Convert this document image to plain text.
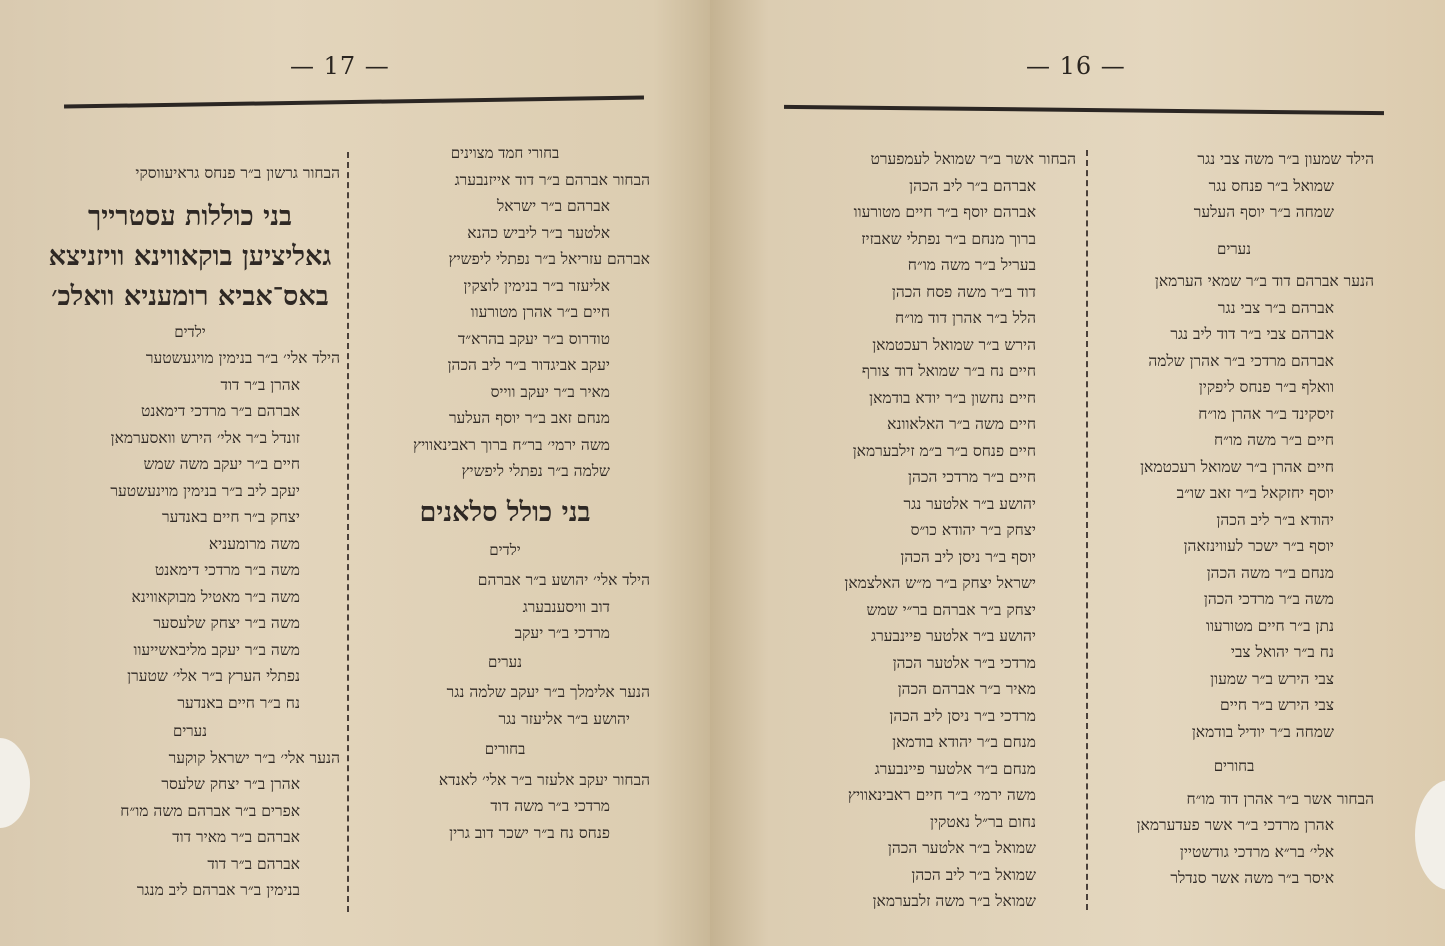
— 17 —
בחורי חמד מצוינים
הבחור אברהם ב״ר דוד אייזנבערג
אברהם ב״ר ישראל
אלטער ב״ר ליביש כהנא
אברהם עזריאל ב״ר נפתלי ליפשיץ
אליעזר ב״ר בנימין לוצקין
חיים ב״ר אהרן מטורעוו
טודרוס ב״ר יעקב בהרא״ד
יעקב אביגדור ב״ר ליב הכהן
מאיר ב״ר יעקב ווייס
מנחם זאב ב״ר יוסף העלער
משה ירמי׳ בר״ח ברוך ראבינאוויץ
שלמה ב״ר נפתלי ליפשיץ
בני כולל סלאנים
ילדים
הילד אלי׳ יהושע ב״ר אברהם
דוב וויסענבערג
מרדכי ב״ר יעקב
נערים
הנער אלימלך ב״ר יעקב שלמה נגר
יהושע ב״ר אליעזר נגר
בחורים
הבחור יעקב אלעזר ב״ר אלי׳ לאנדא
מרדכי ב״ר משה דוד
פנחס נח ב״ר ישכר דוב גרין
הבחור גרשון ב״ר פנחס גראיעווסקי
בני כוללות עסטרייך
גאליציען בוקאווינא וויזניצא
באס־אביא רומעניא וואלכ׳
ילדים
הילד אלי׳ ב״ר בנימין מויגעשטער
אהרן ב״ר דוד
אברהם ב״ר מרדכי דימאנט
זונדל ב״ר אלי׳ הירש וואסערמאן
חיים ב״ר יעקב משה שמש
יעקב ליב ב״ר בנימין מוינעשטער
יצחק ב״ר חיים באנדער
משה מרומעניא
משה ב״ר מרדכי דימאנט
משה ב״ר מאטיל מבוקאווינא
משה ב״ר יצחק שלעסער
משה ב״ר יעקב מליבאשייעוו
נפתלי הערץ ב״ר אלי׳ שטערן
נח ב״ר חיים באנדער
נערים
הנער אלי׳ ב״ר ישראל קוקער
אהרן ב״ר יצחק שלעסר
אפרים ב״ר אברהם משה מו״ח
אברהם ב״ר מאיר דוד
אברהם ב״ר דוד
בנימין ב״ר אברהם ליב מנגר
— 16 —
הילד שמעון ב״ר משה צבי נגר
שמואל ב״ר פנחס נגר
שמחה ב״ר יוסף העלער
נערים
הנער אברהם דוד ב״ר שמאי הערמאן
אברהם ב״ר צבי נגר
אברהם צבי ב״ר דוד ליב נגר
אברהם מרדכי ב״ר אהרן שלמה
וואלף ב״ר פנחס ליפקין
זיסקינד ב״ר אהרן מו״ח
חיים ב״ר משה מו״ח
חיים אהרן ב״ר שמואל רעכטמאן
יוסף יחזקאל ב״ר זאב שו״ב
יהודא ב״ר ליב הכהן
יוסף ב״ר ישכר לעווינזאהן
מנחם ב״ר משה הכהן
משה ב״ר מרדכי הכהן
נתן ב״ר חיים מטורעוו
נח ב״ר יהואל צבי
צבי הירש ב״ר שמעון
צבי הירש ב״ר חיים
שמחה ב״ר יודיל בודמאן
בחורים
הבחור אשר ב״ר אהרן דוד מו״ח
אהרן מרדכי ב״ר אשר פעדערמאן
אלי׳ בר״א מרדכי גודשטיין
איסר ב״ר משה אשר סנדלר
הבחור אשר ב״ר שמואל לעמפערט
אברהם ב״ר ליב הכהן
אברהם יוסף ב״ר חיים מטורעוו
ברוך מנחם ב״ר נפתלי שאבזיז
בעריל ב״ר משה מו״ח
דוד ב״ר משה פסח הכהן
הלל ב״ר אהרן דוד מו״ח
הירש ב״ר שמואל רעכטמאן
חיים נח ב״ר שמואל דוד צורף
חיים נחשון ב״ר יודא בודמאן
חיים משה ב״ר האלאוונא
חיים פנחס ב״ר ב״מ זילבערמאן
חיים ב״ר מרדכי הכהן
יהושע ב״ר אלטער נגר
יצחק ב״ר יהודא כו״ס
יוסף ב״ר ניסן ליב הכהן
ישראל יצחק ב״ר מ״ש האלצמאן
יצחק ב״ר אברהם בר״י שמש
יהושע ב״ר אלטער פיינבערג
מרדכי ב״ר אלטער הכהן
מאיר ב״ר אברהם הכהן
מרדכי ב״ר ניסן ליב הכהן
מנחם ב״ר יהודא בודמאן
מנחם ב״ר אלטער פיינבערג
משה ירמי׳ ב״ר חיים ראבינאוויץ
נחום בר״ל נאטקין
שמואל ב״ר אלטער הכהן
שמואל ב״ר ליב הכהן
שמואל ב״ר משה זלבערמאן
